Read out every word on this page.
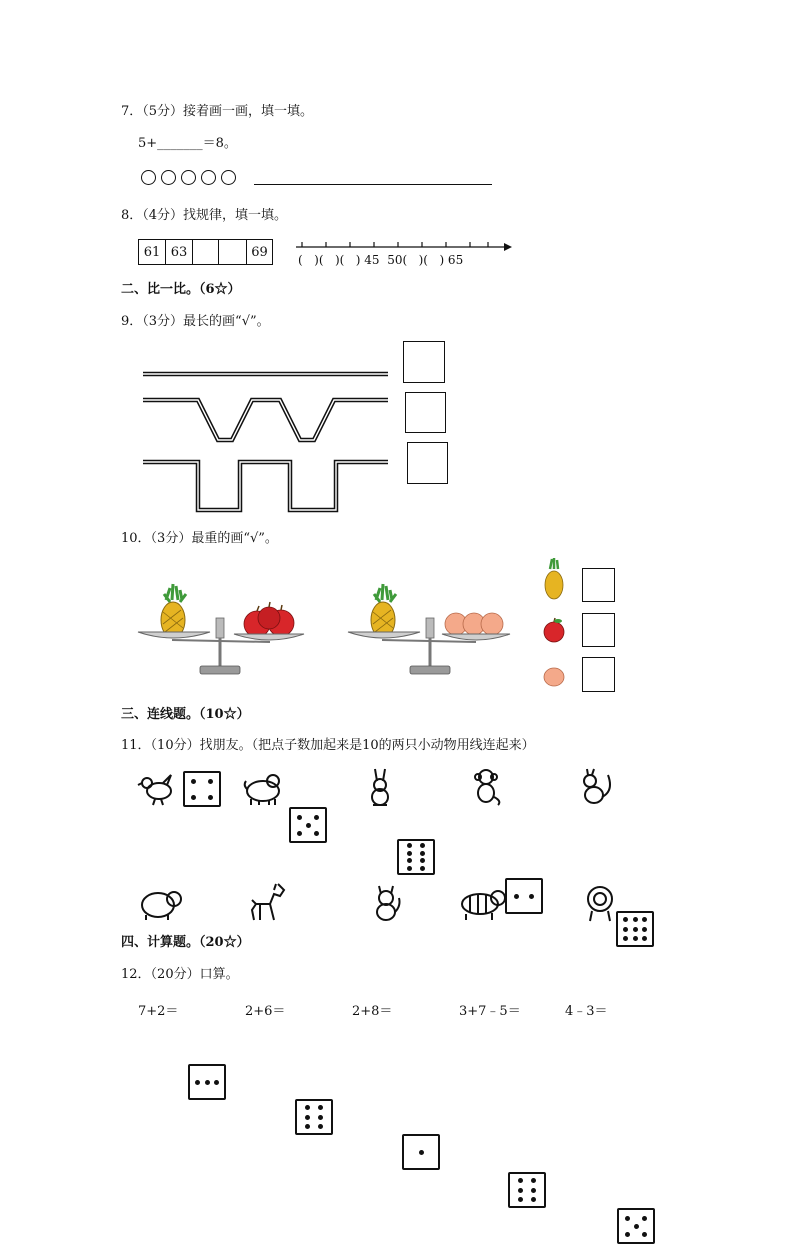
7．（5分）接着画一画，填一填。
5+_______＝8。
8．（4分）找规律，填一填。
61 63	69
( )( )( ) 45 50( )( ) 65
二、比一比。（6☆）
9．（3分）最长的画“√”。
10．（3分）最重的画“√”。
三、连线题。（10☆）
11．（10分）找朋友。（把点子数加起来是10的两只小动物用线连起来）
四、计算题。（20☆）
12．（20分）口算。
7+2＝	2+6＝	2+8＝	3+7﹣5＝	4﹣3＝
